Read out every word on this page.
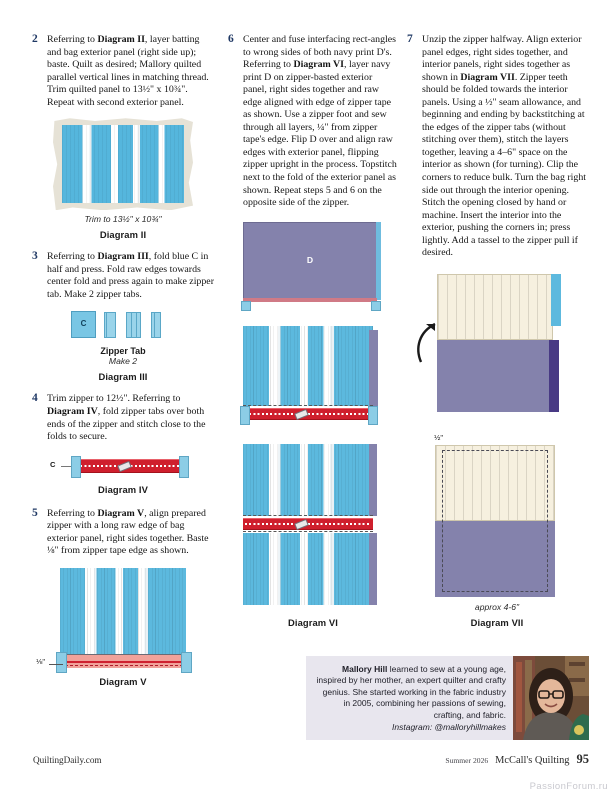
2 Referring to Diagram II, layer batting and bag exterior panel (right side up); baste. Quilt as desired; Mallory quilted parallel vertical lines in matching thread. Trim quilted panel to 13½" x 10¾". Repeat with second exterior panel.
Trim to 13½" x 10¾"
Diagram II
3 Referring to Diagram III, fold blue C in half and press. Fold raw edges towards center fold and press again to make zipper tab. Make 2 zipper tabs.
C
Zipper Tab
Make 2
Diagram III
4 Trim zipper to 12½". Referring to Diagram IV, fold zipper tabs over both ends of the zipper and stitch close to the folds to secure.
C
Diagram IV
5 Referring to Diagram V, align prepared zipper with a long raw edge of bag exterior panel, right sides together. Baste ⅛" from zipper tape edge as shown.
⅛"
Diagram V
6 Center and fuse interfacing rect-angles to wrong sides of both navy print D's. Referring to Diagram VI, layer navy print D on zipper-basted exterior panel, right sides together and raw edge aligned with edge of zipper tape as shown. Use a zipper foot and sew through all layers, ¼" from zipper tape's edge. Flip D over and align raw edges with exterior panel, flipping zipper upright in the process. Topstitch next to the fold of the exterior panel as shown. Repeat steps 5 and 6 on the opposite side of the zipper.
D
Diagram VI
7 Unzip the zipper halfway. Align exterior panel edges, right sides together, and interior panels, right sides together as shown in Diagram VII. Zipper teeth should be folded towards the interior panels. Using a ½" seam allowance, and beginning and ending by backstitching at the edges of the zipper tabs (without stitching over them), stitch the layers together, leaving a 4–6" space on the interior as shown (for turning). Clip the corners to reduce bulk. Turn the bag right side out through the interior opening. Stitch the opening closed by hand or machine. Insert the interior into the exterior, pushing the corners in; press lightly. Add a tassel to the zipper pull if desired.
½"
approx 4-6"
Diagram VII
Mallory Hill learned to sew at a young age, inspired by her mother, an expert quilter and crafty genius. She started working in the fabric industry in 2005, combining her passions of sewing, crafting, and fabric.
Instagram: @malloryhillmakes
QuiltingDaily.com	Summer 2026 McCall's Quilting 95
PassionForum.ru
